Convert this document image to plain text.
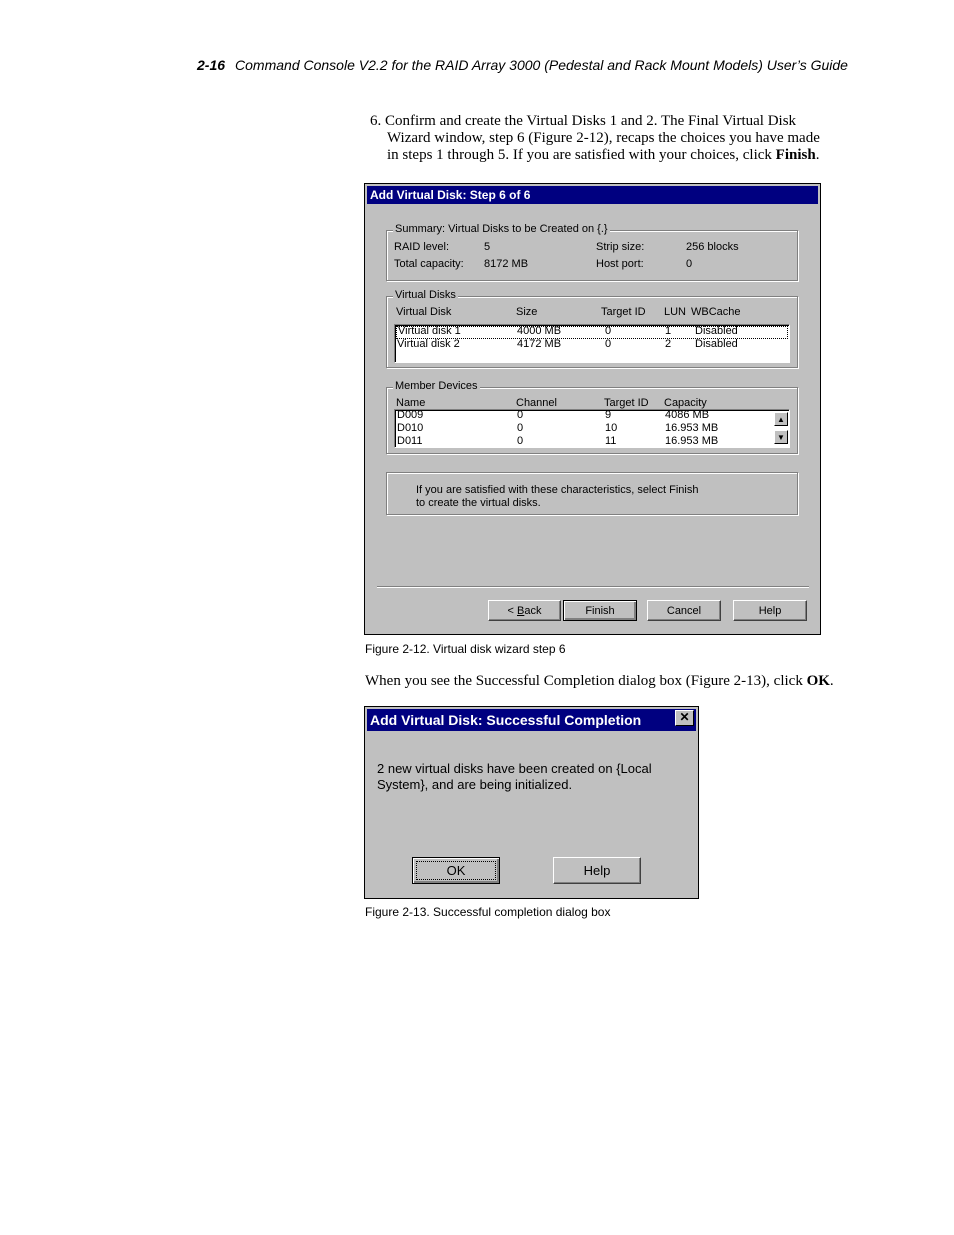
2-16 Command Console V2.2 for the RAID Array 3000 (Pedestal and Rack Mount Models) User’s Guide
6. Confirm and create the Virtual Disks 1 and 2. The Final Virtual Disk
Wizard window, step 6 (Figure 2-12), recaps the choices you have made
in steps 1 through 5. If you are satisfied with your choices, click Finish.
Add Virtual Disk: Step 6 of 6
Summary: Virtual Disks to be Created on {.}
RAID level:	5	Strip size:	256 blocks
Total capacity: 8172 MB	Host port:	0
Virtual Disks
Virtual Disk	Size	Target ID LUN WBCache
Virtual disk 1	4000 MB	0	1 Disabled
Virtual disk 2	4172 MB	0	2 Disabled
Member Devices
Name	Channel	Target ID Capacity
D009	0	9	4086 MB
D010	0	10	16.953 MB
D011	0	11	16.953 MB
▲
▼
If you are satisfied with these characteristics, select Finish
to create the virtual disks.
< Back	Finish	Cancel	Help
Figure 2-12. Virtual disk wizard step 6
When you see the Successful Completion dialog box (Figure 2-13), click OK.
Add Virtual Disk: Successful Completion	✕
2 new virtual disks have been created on {Local
System}, and are being initialized.
OK	Help
Figure 2-13. Successful completion dialog box
